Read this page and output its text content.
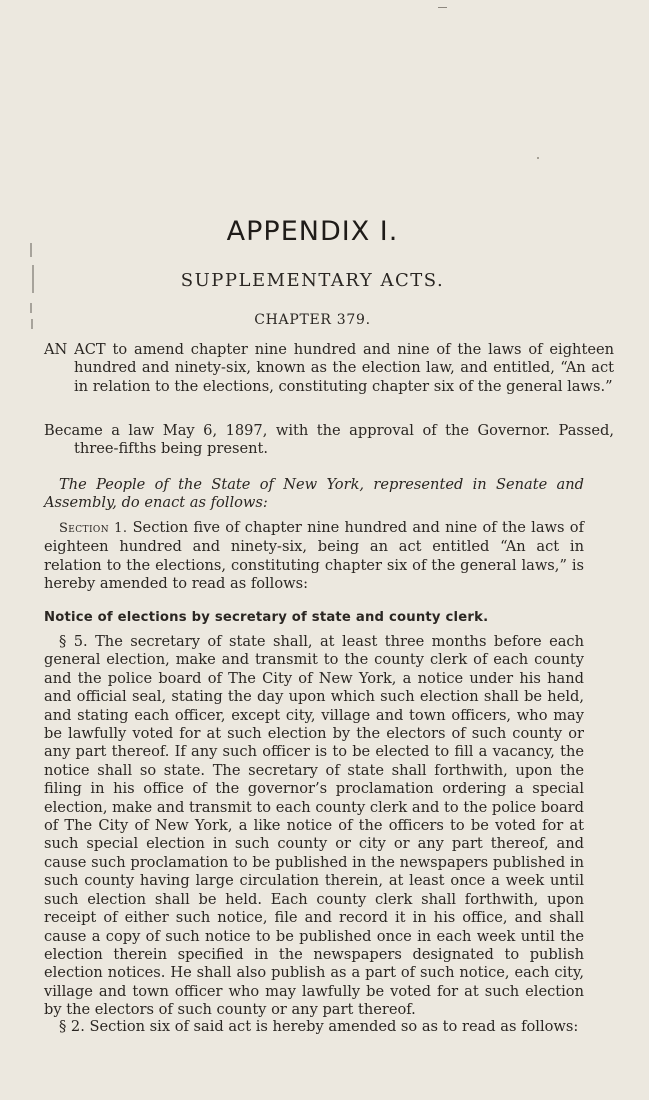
APPENDIX I.
SUPPLEMENTARY ACTS.
CHAPTER 379.
AN ACT to amend chapter nine hundred and nine of the laws of eighteen hundred and ninety-six, known as the election law, and entitled, “An act in relation to the elections, constituting chapter six of the general laws.”
Became a law May 6, 1897, with the approval of the Governor. Passed, three-fifths being present.
The People of the State of New York, represented in Senate and Assembly, do enact as follows:
Section 1. Section five of chapter nine hundred and nine of the laws of eighteen hundred and ninety-six, being an act entitled “An act in relation to the elections, constituting chapter six of the general laws,” is hereby amended to read as follows:
Notice of elections by secretary of state and county clerk.
§ 5. The secretary of state shall, at least three months before each general election, make and transmit to the county clerk of each county and the police board of The City of New York, a notice under his hand and official seal, stating the day upon which such election shall be held, and stating each officer, except city, village and town officers, who may be lawfully voted for at such election by the electors of such county or any part thereof. If any such officer is to be elected to fill a vacancy, the notice shall so state. The secretary of state shall forthwith, upon the filing in his office of the governor’s proclamation ordering a special election, make and transmit to each county clerk and to the police board of The City of New York, a like notice of the officers to be voted for at such special election in such county or city or any part thereof, and cause such proclamation to be published in the newspapers published in such county having large circulation therein, at least once a week until such election shall be held. Each county clerk shall forthwith, upon receipt of either such notice, file and record it in his office, and shall cause a copy of such notice to be published once in each week until the election therein specified in the newspapers designated to publish election notices. He shall also publish as a part of such notice, each city, village and town officer who may lawfully be voted for at such election by the electors of such county or any part thereof.
§ 2. Section six of said act is hereby amended so as to read as follows:
